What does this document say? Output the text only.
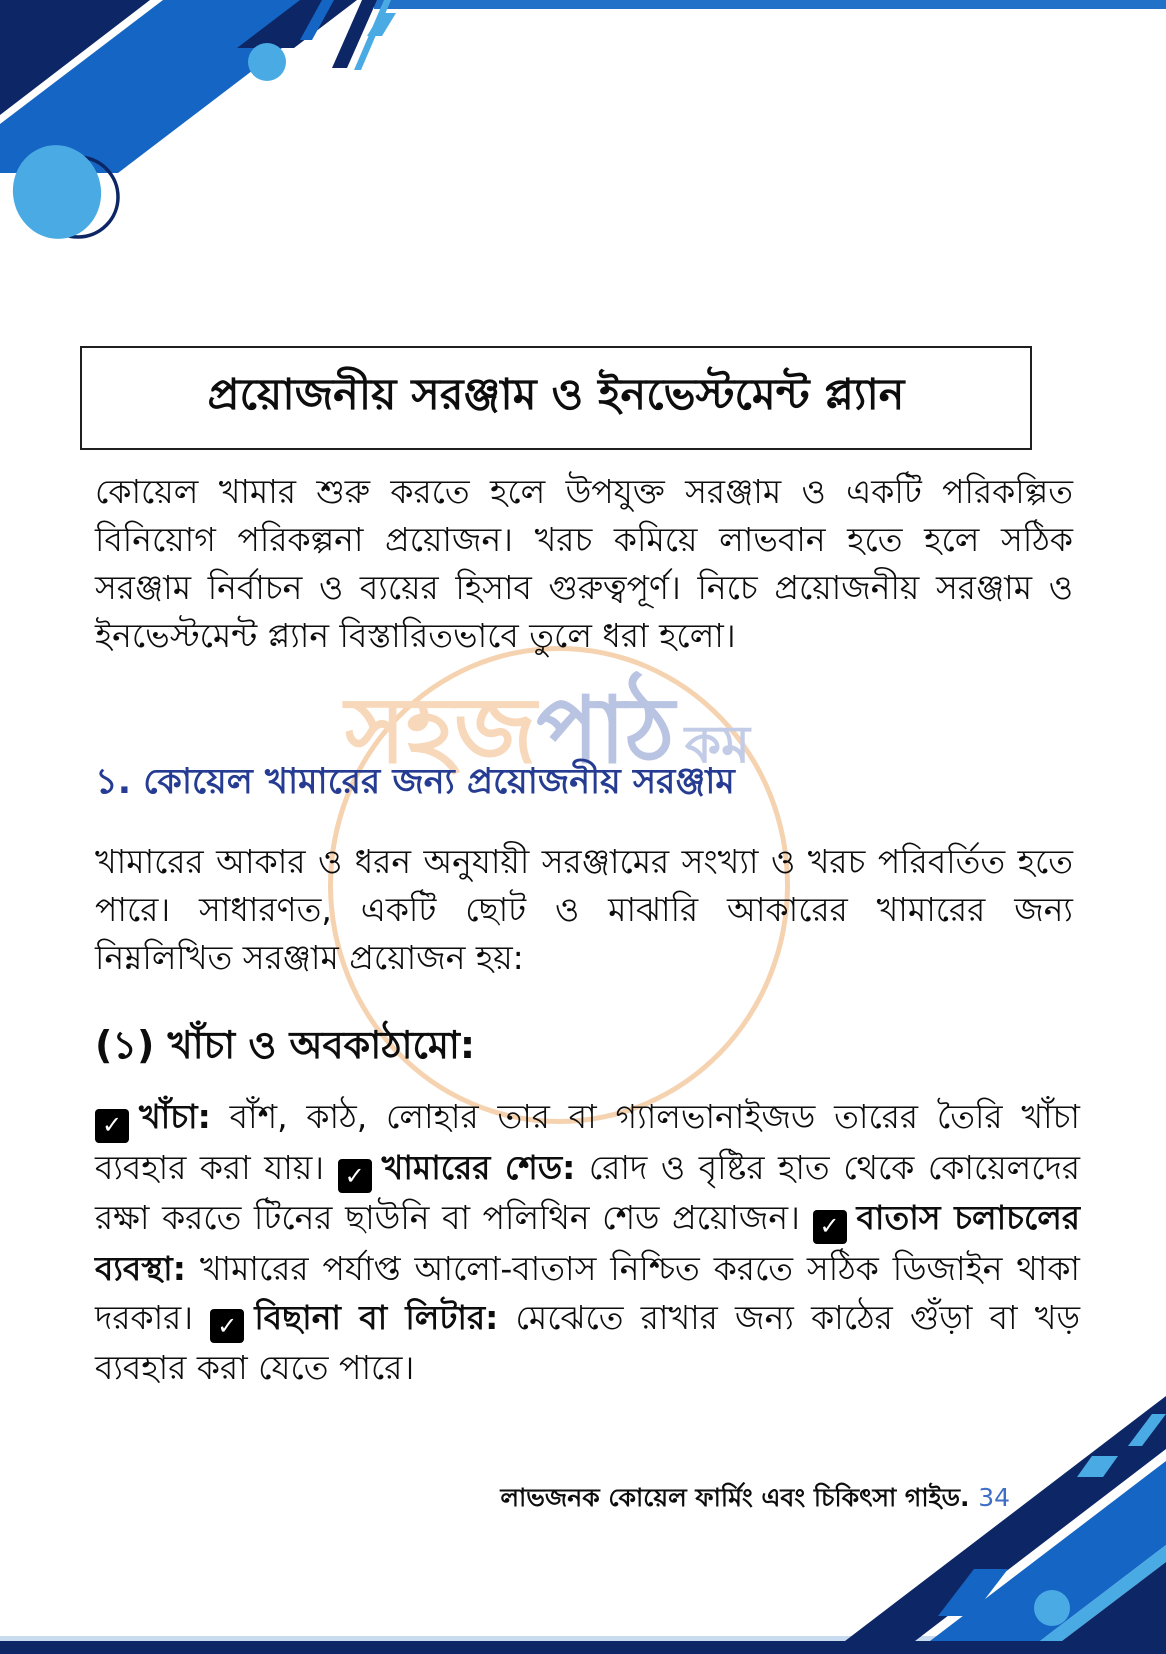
সহজপাঠ কম
প্রয়োজনীয় সরঞ্জাম ও ইনভেস্টমেন্ট প্ল্যান

কোয়েল খামার শুরু করতে হলে উপযুক্ত সরঞ্জাম ও একটি পরিকল্পিত বিনিয়োগ পরিকল্পনা প্রয়োজন। খরচ কমিয়ে লাভবান হতে হলে সঠিক সরঞ্জাম নির্বাচন ও ব্যয়ের হিসাব গুরুত্বপূর্ণ। নিচে প্রয়োজনীয় সরঞ্জাম ও ইনভেস্টমেন্ট প্ল্যান বিস্তারিতভাবে তুলে ধরা হলো।

১. কোয়েল খামারের জন্য প্রয়োজনীয় সরঞ্জাম

খামারের আকার ও ধরন অনুযায়ী সরঞ্জামের সংখ্যা ও খরচ পরিবর্তিত হতে পারে। সাধারণত, একটি ছোট ও মাঝারি আকারের খামারের জন্য নিম্নলিখিত সরঞ্জাম প্রয়োজন হয়:

(১) খাঁচা ও অবকাঠামো:

✓ খাঁচা: বাঁশ, কাঠ, লোহার তার বা গ্যালভানাইজড তারের তৈরি খাঁচা ব্যবহার করা যায়। ✓ খামারের শেড: রোদ ও বৃষ্টির হাত থেকে কোয়েলদের রক্ষা করতে টিনের ছাউনি বা পলিথিন শেড প্রয়োজন। ✓ বাতাস চলাচলের ব্যবস্থা: খামারের পর্যাপ্ত আলো-বাতাস নিশ্চিত করতে সঠিক ডিজাইন থাকা দরকার। ✓ বিছানা বা লিটার: মেঝেতে রাখার জন্য কাঠের গুঁড়া বা খড় ব্যবহার করা যেতে পারে।

লাভজনক কোয়েল ফার্মিং এবং চিকিৎসা গাইড. 34
